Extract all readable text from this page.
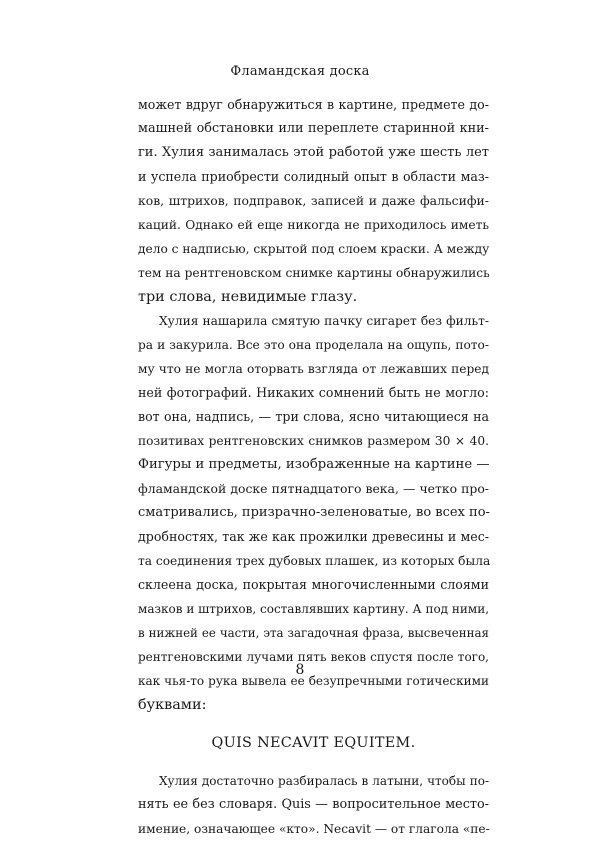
Фламандская доска
может вдруг обнаружиться в картине, предмете до-
машней обстановки или переплете старинной кни-
ги. Хулия занималась этой работой уже шесть лет
и успела приобрести солидный опыт в области маз-
ков, штрихов, подправок, записей и даже фальсифи-
каций. Однако ей еще никогда не приходилось иметь
дело с надписью, скрытой под слоем краски. А между
тем на рентгеновском снимке картины обнаружились
три слова, невидимые глазу.
Хулия нашарила смятую пачку сигарет без фильт-
ра и закурила. Все это она проделала на ощупь, пото-
му что не могла оторвать взгляда от лежавших перед
ней фотографий. Никаких сомнений быть не могло:
вот она, надпись, — три слова, ясно читающиеся на
позитивах рентгеновских снимков размером 30 × 40.
Фигуры и предметы, изображенные на картине —
фламандской доске пятнадцатого века, — четко про-
сматривались, призрачно-зеленоватые, во всех по-
дробностях, так же как прожилки древесины и мес-
та соединения трех дубовых плашек, из которых была
склеена доска, покрытая многочисленными слоями
мазков и штрихов, составлявших картину. А под ними,
в нижней ее части, эта загадочная фраза, высвеченная
рентгеновскими лучами пять веков спустя после того,
как чья-то рука вывела ее безупречными готическими
буквами:
QUIS NECAVIT EQUITEM.
Хулия достаточно разбиралась в латыни, чтобы по-
нять ее без словаря. Quis — вопросительное место-
имение, означающее «кто». Necavit — от глагола «пе-
8
